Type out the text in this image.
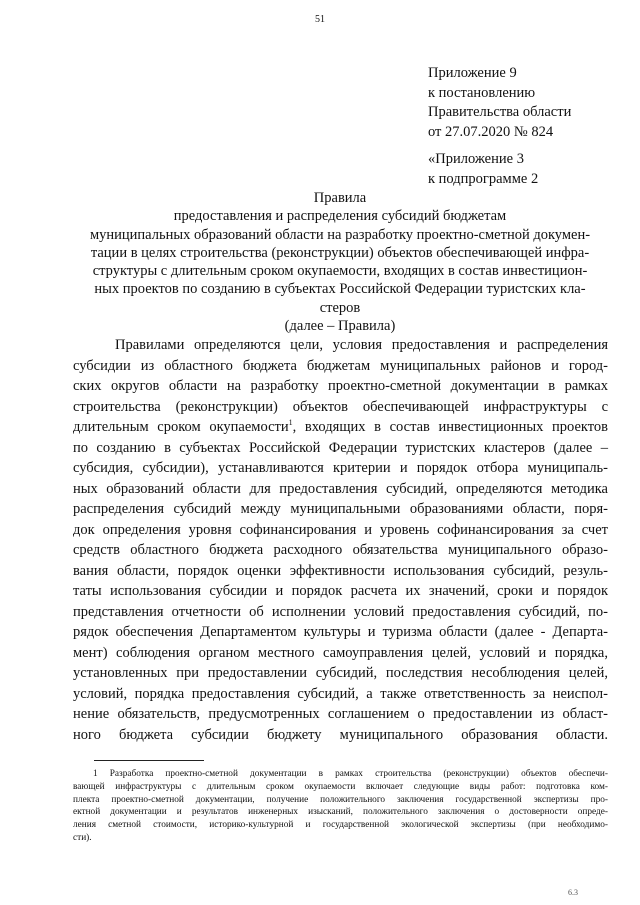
51
Приложение 9
к постановлению
Правительства области
от 27.07.2020 № 824
«Приложение 3
к подпрограмме 2
Правила
предоставления и распределения субсидий бюджетам
муниципальных образований области на разработку проектно-сметной докумен-
тации в целях строительства (реконструкции) объектов обеспечивающей инфра-
структуры с длительным сроком окупаемости, входящих в состав инвестицион-
ных проектов по созданию в субъектах Российской Федерации туристских кла-
стеров
(далее – Правила)
Правилами определяются цели, условия предоставления и распределения
субсидии из областного бюджета бюджетам муниципальных районов и город-
ских округов области на разработку проектно-сметной документации в рамках
строительства (реконструкции) объектов обеспечивающей инфраструктуры с
длительным сроком окупаемости$^1$, входящих в состав инвестиционных проектов
по созданию в субъектах Российской Федерации туристских кластеров (далее –
субсидия, субсидии), устанавливаются критерии и порядок отбора муниципаль-
ных образований области для предоставления субсидий, определяются методика
распределения субсидий между муниципальными образованиями области, поря-
док определения уровня софинансирования и уровень софинансирования за счет
средств областного бюджета расходного обязательства муниципального образо-
вания области, порядок оценки эффективности использования субсидий, резуль-
таты использования субсидии и порядок расчета их значений, сроки и порядок
представления отчетности об исполнении условий предоставления субсидий, по-
рядок обеспечения Департаментом культуры и туризма области (далее - Департа-
мент) соблюдения органом местного самоуправления целей, условий и порядка,
установленных при предоставлении субсидий, последствия несоблюдения целей,
условий, порядка предоставления субсидий, а также ответственность за неиспол-
нение обязательств, предусмотренных соглашением о предоставлении из област-
ного бюджета субсидии бюджету муниципального образования области.
1 Разработка проектно-сметной документации в рамках строительства (реконструкции) объектов обеспечи-
вающей инфраструктуры с длительным сроком окупаемости включает следующие виды работ: подготовка ком-
плекта проектно-сметной документации, получение положительного заключения государственной экспертизы про-
ектной документации и результатов инженерных изысканий, положительного заключения о достоверности опреде-
ления сметной стоимости, историко-культурной и государственной экологической экспертизы (при необходимо-
сти).
6.3
